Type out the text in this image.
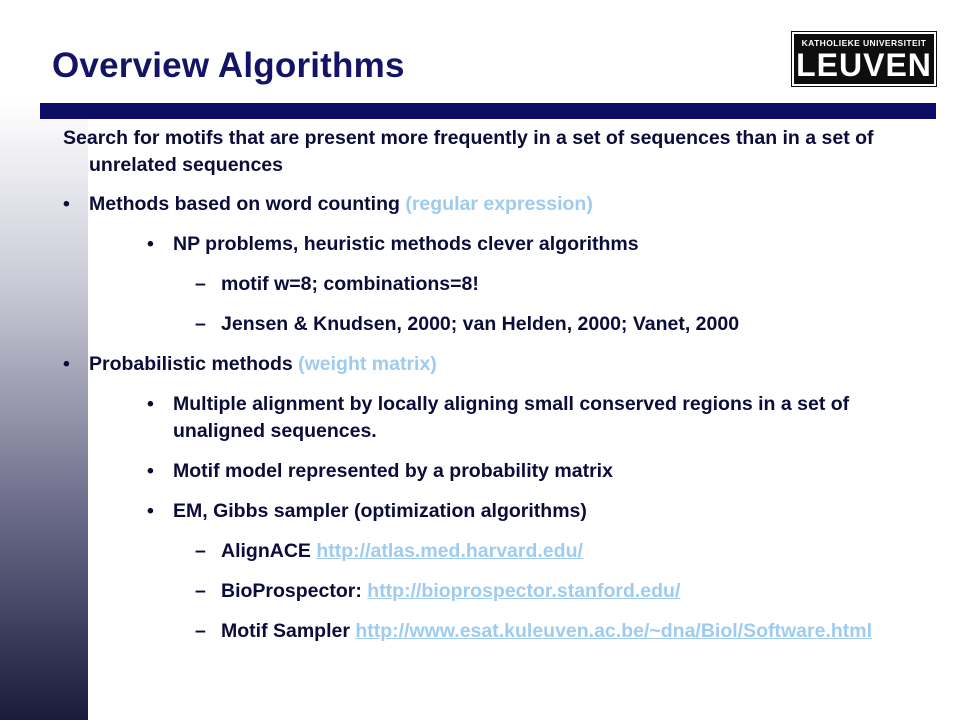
Overview Algorithms
KATHOLIEKE UNIVERSITEIT
LEUVEN
Search for motifs that are present more frequently in a set of sequences than in a set of unrelated sequences
• Methods based on word counting (regular expression)
• NP problems, heuristic methods clever algorithms
– motif w=8; combinations=8!
– Jensen & Knudsen, 2000; van Helden, 2000; Vanet, 2000
• Probabilistic methods (weight matrix)
• Multiple alignment by locally aligning small conserved regions in a set of unaligned sequences.
• Motif model represented by a probability matrix
• EM, Gibbs sampler (optimization algorithms)
– AlignACE http://atlas.med.harvard.edu/
– BioProspector: http://bioprospector.stanford.edu/
– Motif Sampler http://www.esat.kuleuven.ac.be/~dna/Biol/Software.html
